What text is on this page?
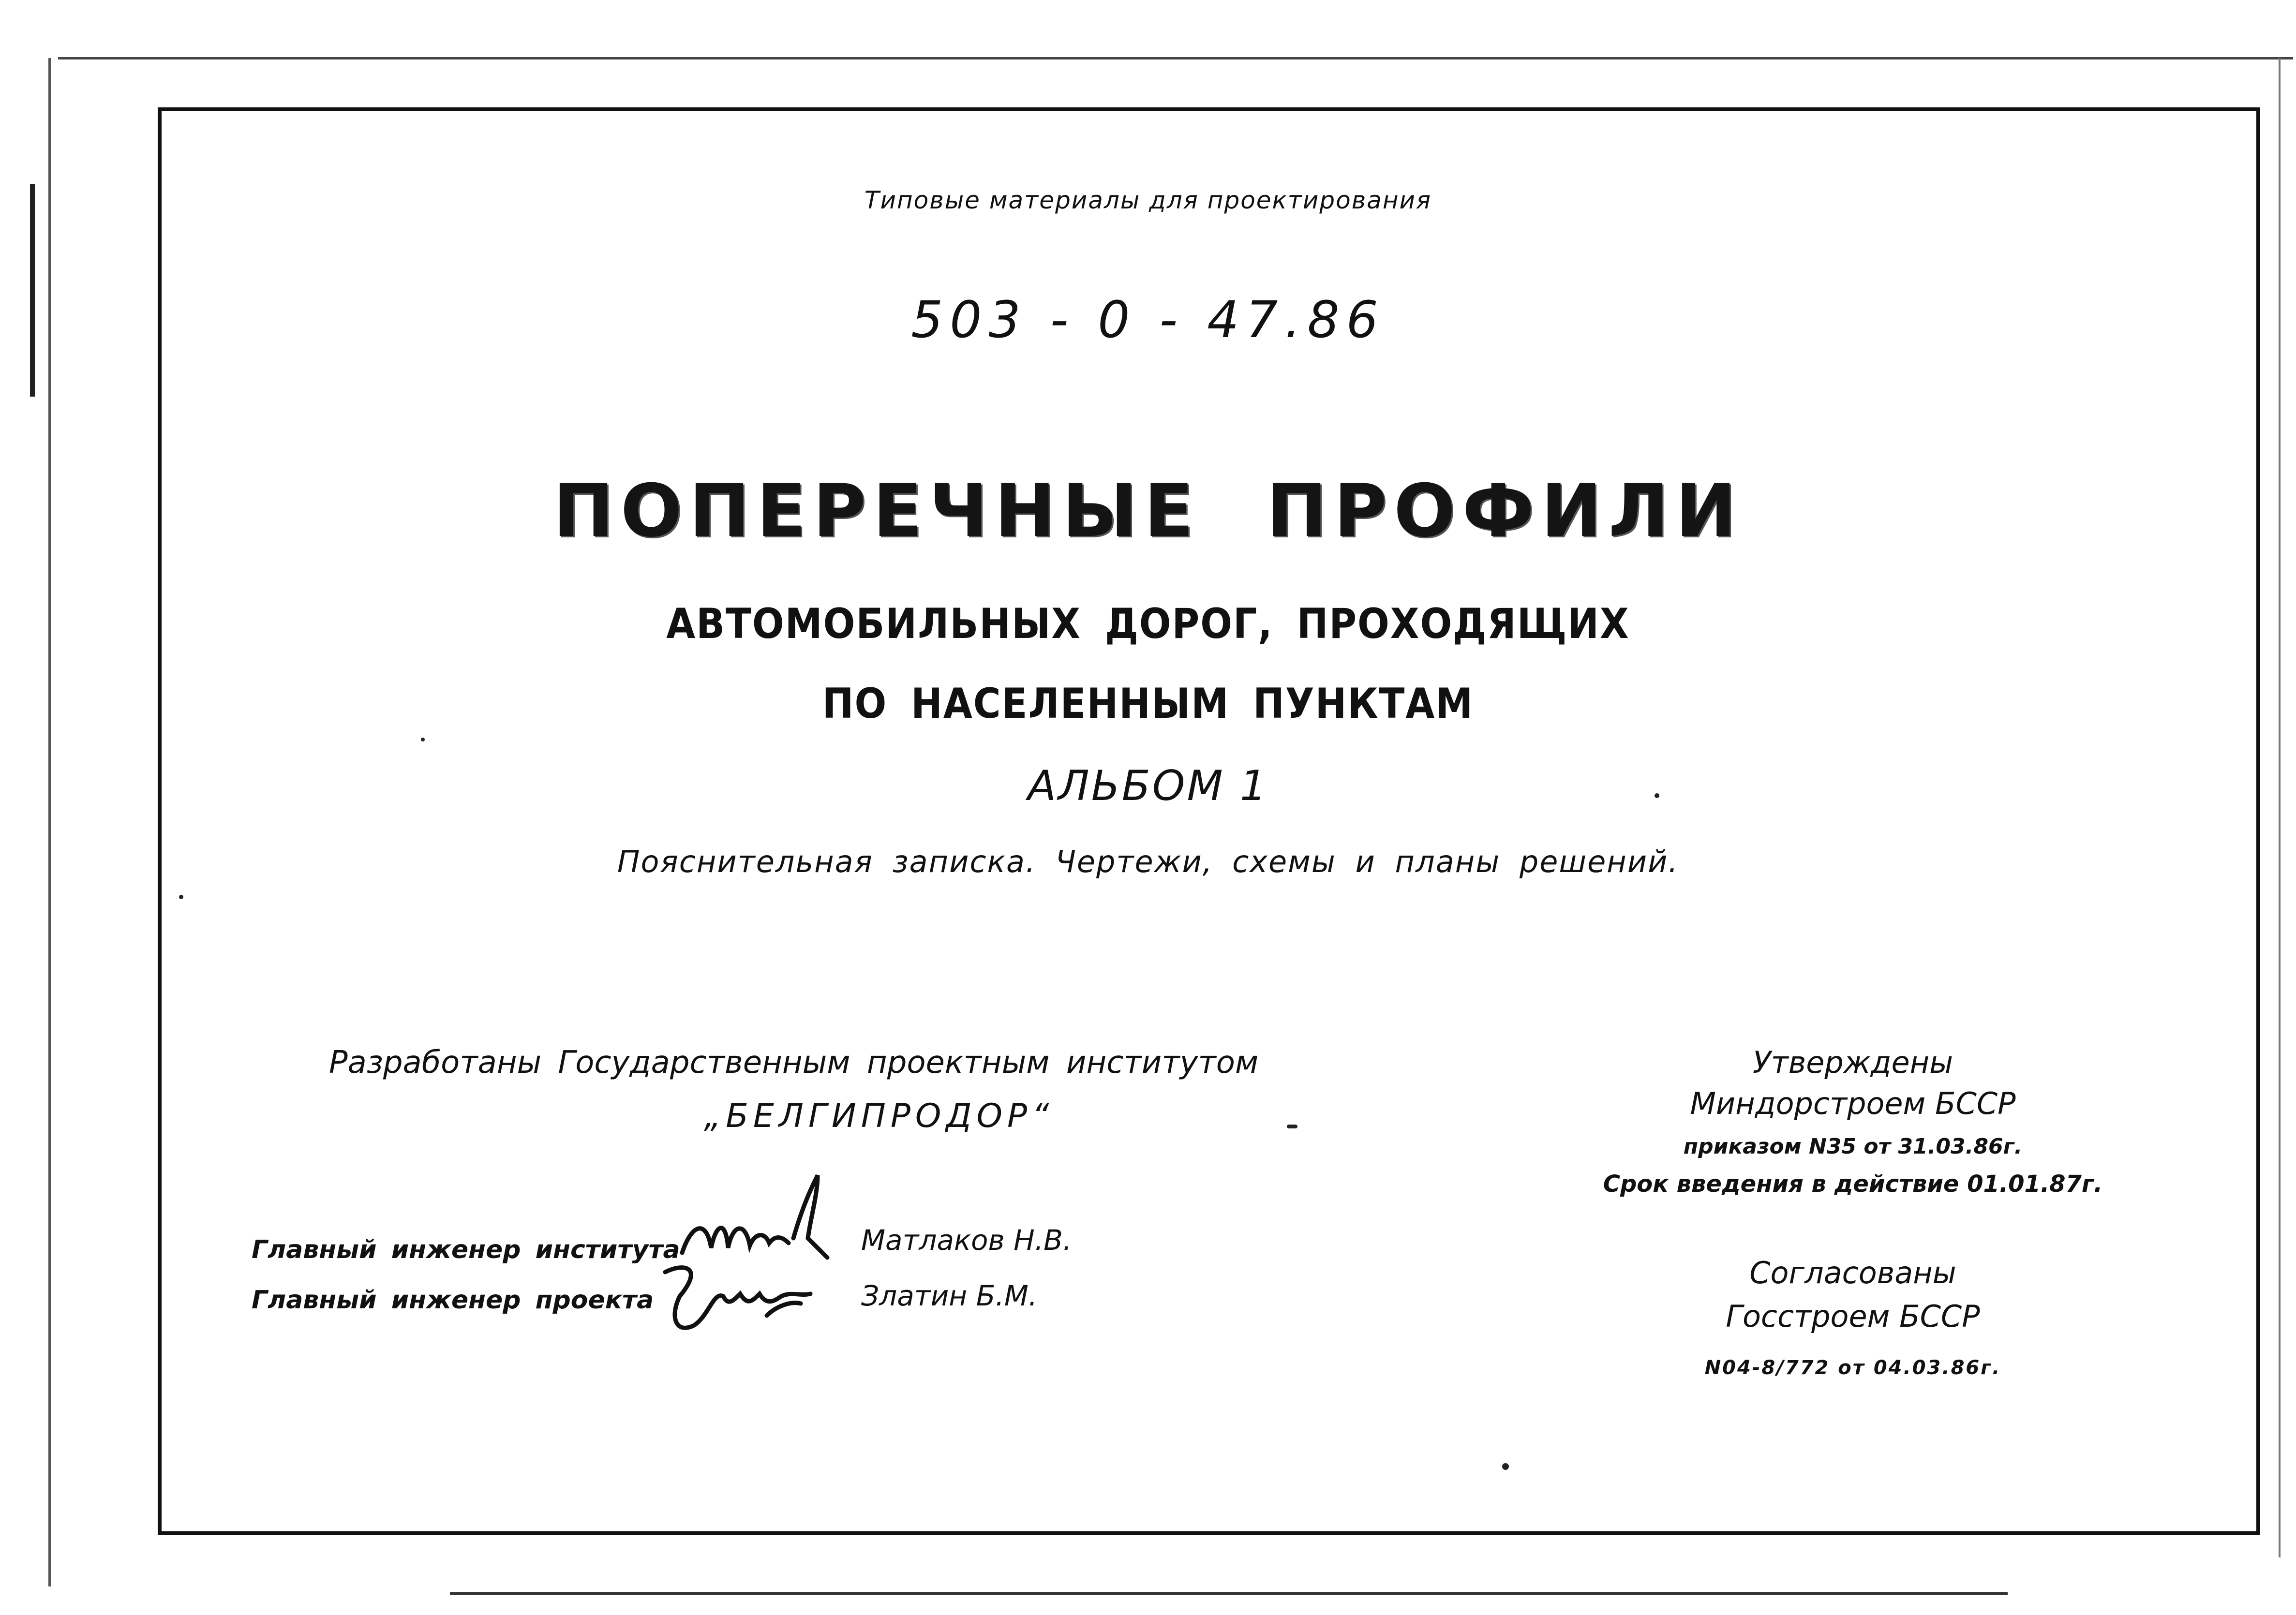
Типовые материалы для проектирования
503 - 0 - 47.86
ПОПЕРЕЧНЫЕ ПРОФИЛИ
АВТОМОБИЛЬНЫХ ДОРОГ, ПРОХОДЯЩИХ
ПО НАСЕЛЕННЫМ ПУНКТАМ
АЛЬБОМ 1
Пояснительная записка. Чертежи, схемы и планы решений.
Разработаны Государственным проектным институтом
„БЕЛГИПРОДОР“
Главный инженер института
Главный инженер проекта
Матлаков Н.В.
Златин Б.М.
Утверждены
Миндорстроем БССР
приказом N35 от 31.03.86г.
Срок введения в действие 01.01.87г.
Согласованы
Госстроем БССР
N04-8/772 от 04.03.86г.
